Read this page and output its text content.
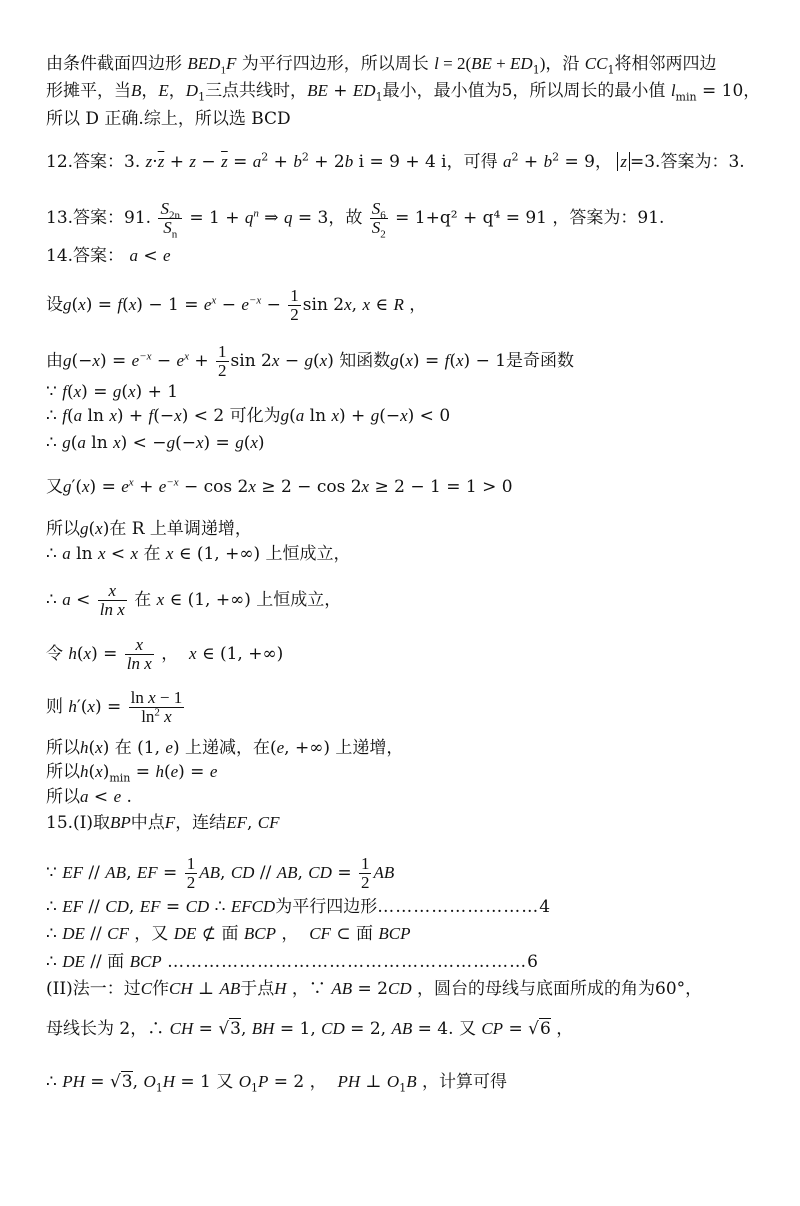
由条件截面四边形 $BED_1F$ 为平行四边形，所以周长 $l = 2(BE + ED_1)$，沿 $CC_1$将相邻两四边
形摊平，当B，E，$D_1$三点共线时，BE + $ED_1$最小，最小值为5，所以周长的最小值 $l_{min} = 10$，
所以 D 正确.综上，所以选 BCD
12.答案：3. $z\cdot\overline{z} + z - \overline{z} = a^2 + b^2 + 2b$ i = 9 + 4 i，可得 $a^2 + b^2 = 9$， z =3.答案为：3.
13.答案：91. $\frac{S_{2n}}{S_n} = 1 + q^n$ ⇒ q = 3，故 $\frac{S_6}{S_2} = 1+q^2 + q^4 = 91$ ，答案为：91.
14.答案： a < e
设$g(x) = f(x) - 1 = e^x - e^{-x} - \frac{1}{2}$ sin 2x, x ∈ R ，
由$g(-x) = e^{-x} - e^x + \frac{1}{2}$ sin 2x − g(x) 知函数g(x) = f(x) − 1是奇函数
∵ f(x) = g(x) + 1
∴ f(a ln x) + f(−x) < 2 可化为g(a ln x) + g(−x) < 0
∴ g(a ln x) < −g(−x) = g(x)
又$g'(x) = e^x + e^{-x} - \cos 2x \ge 2 - \cos 2x \ge 2 - 1 = 1 > 0$
所以g(x)在 R 上单调递增，
∴ a ln x < x 在 x ∈ (1, +∞) 上恒成立，
∴ $a < \frac{x}{\text{ln x}}$ 在 x ∈ (1, +∞) 上恒成立，
令 $h(x) = \frac{x}{\text{ln x}}$ ，  x ∈ (1, +∞)
则 $h'(x) = \frac{\text{ln x − 1}}{\ln^2 x}$
所以h(x) 在 (1, e) 上递减，在(e, +∞) 上递增，
所以$h(x)_{min} = h(e) = e$
所以a < e .
15.(I)取BP中点F，连结EF, CF
∵ EF // AB, EF = $\frac{1}{2}$ AB, CD // AB, CD = $\frac{1}{2}$ AB
∴ EF // CD, EF = CD ∴ EFCD为平行四边形………………………4
∴ DE // CF ，又 DE ⊄ 面 BCP ，  CF ⊂ 面 BCP
∴ DE // 面 BCP ……………………………………………………6
(II)法一：过C作CH ⊥ AB于点H ，∵ AB = 2CD ，圆台的母线与底面所成的角为60°，
母线长为 2，∴ CH = √3, BH = 1, CD = 2, AB = 4. 又 CP = √6 ，
∴ PH = √3, $O_1H = 1$ 又 $O_1P = 2$ ，  PH ⊥ $O_1B$ ，计算可得
